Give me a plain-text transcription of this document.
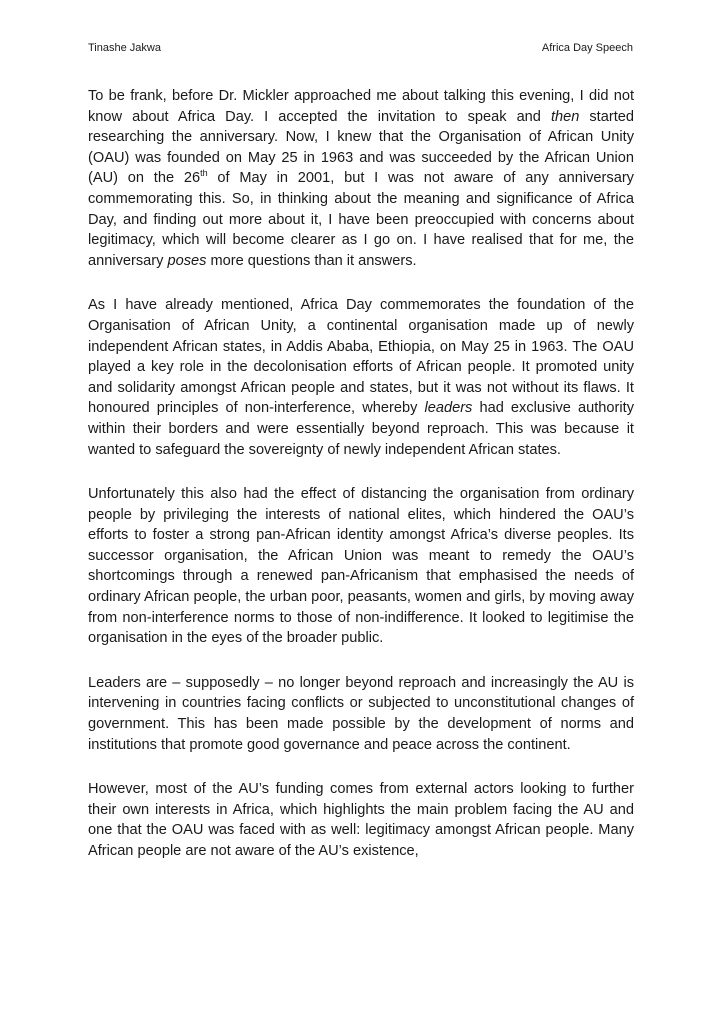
Tinashe Jakwa	Africa Day Speech

To be frank, before Dr. Mickler approached me about talking this evening, I did not know about Africa Day. I accepted the invitation to speak and then started researching the anniversary. Now, I knew that the Organisation of African Unity (OAU) was founded on May 25 in 1963 and was succeeded by the African Union (AU) on the 26th of May in 2001, but I was not aware of any anniversary commemorating this. So, in thinking about the meaning and significance of Africa Day, and finding out more about it, I have been preoccupied with concerns about legitimacy, which will become clearer as I go on. I have realised that for me, the anniversary poses more questions than it answers.

As I have already mentioned, Africa Day commemorates the foundation of the Organisation of African Unity, a continental organisation made up of newly independent African states, in Addis Ababa, Ethiopia, on May 25 in 1963. The OAU played a key role in the decolonisation efforts of African people. It promoted unity and solidarity amongst African people and states, but it was not without its flaws. It honoured principles of non-interference, whereby leaders had exclusive authority within their borders and were essentially beyond reproach. This was because it wanted to safeguard the sovereignty of newly independent African states.

Unfortunately this also had the effect of distancing the organisation from ordinary people by privileging the interests of national elites, which hindered the OAU’s efforts to foster a strong pan-African identity amongst Africa’s diverse peoples. Its successor organisation, the African Union was meant to remedy the OAU’s shortcomings through a renewed pan-Africanism that emphasised the needs of ordinary African people, the urban poor, peasants, women and girls, by moving away from non-interference norms to those of non-indifference. It looked to legitimise the organisation in the eyes of the broader public.

Leaders are – supposedly – no longer beyond reproach and increasingly the AU is intervening in countries facing conflicts or subjected to unconstitutional changes of government. This has been made possible by the development of norms and institutions that promote good governance and peace across the continent.

However, most of the AU’s funding comes from external actors looking to further their own interests in Africa, which highlights the main problem facing the AU and one that the OAU was faced with as well: legitimacy amongst African people. Many African people are not aware of the AU’s existence,
